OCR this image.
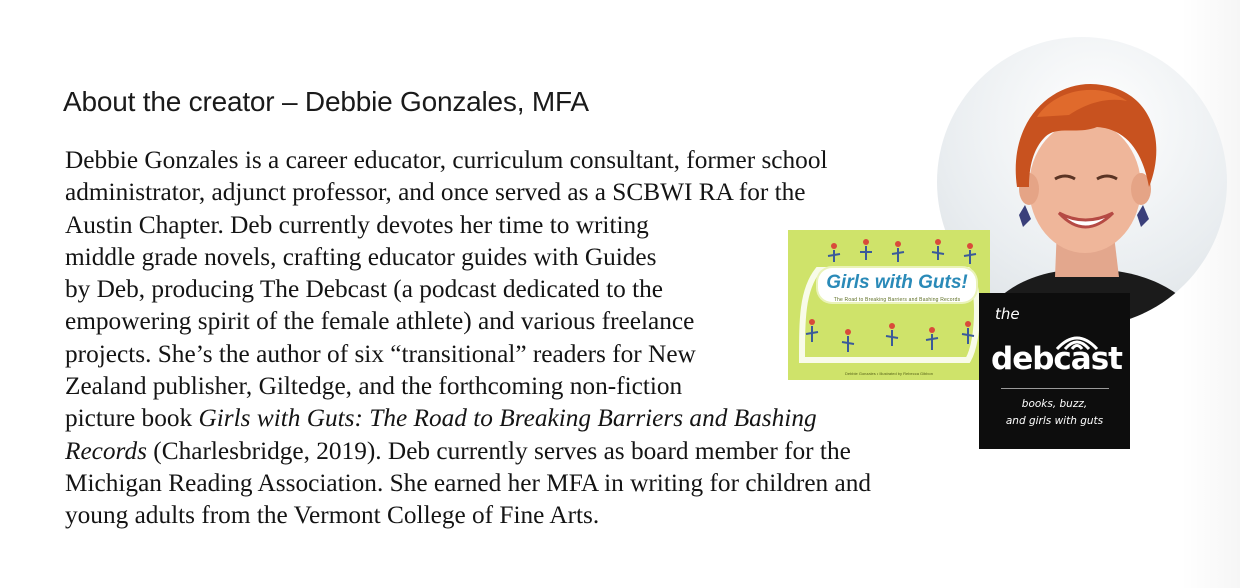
About the creator – Debbie Gonzales, MFA
Debbie Gonzales is a career educator, curriculum consultant, former school
administrator, adjunct professor, and once served as a SCBWI RA for the
Austin Chapter. Deb currently devotes her time to writing
middle grade novels, crafting educator guides with Guides
by Deb, producing The Debcast (a podcast dedicated to the
empowering spirit of the female athlete) and various freelance
projects. She’s the author of six “transitional” readers for New
Zealand publisher, Giltedge, and the forthcoming non-fiction
picture book Girls with Guts: The Road to Breaking Barriers and Bashing
Records (Charlesbridge, 2019). Deb currently serves as board member for the
Michigan Reading Association. She earned her MFA in writing for children and
young adults from the Vermont College of Fine Arts.
Girls with Guts!
The Road to Breaking Barriers and Bashing Records
Debbie Gonzales • Illustrated by Rebecca Gibbon
the
debcast
books, buzz,
and girls with guts
